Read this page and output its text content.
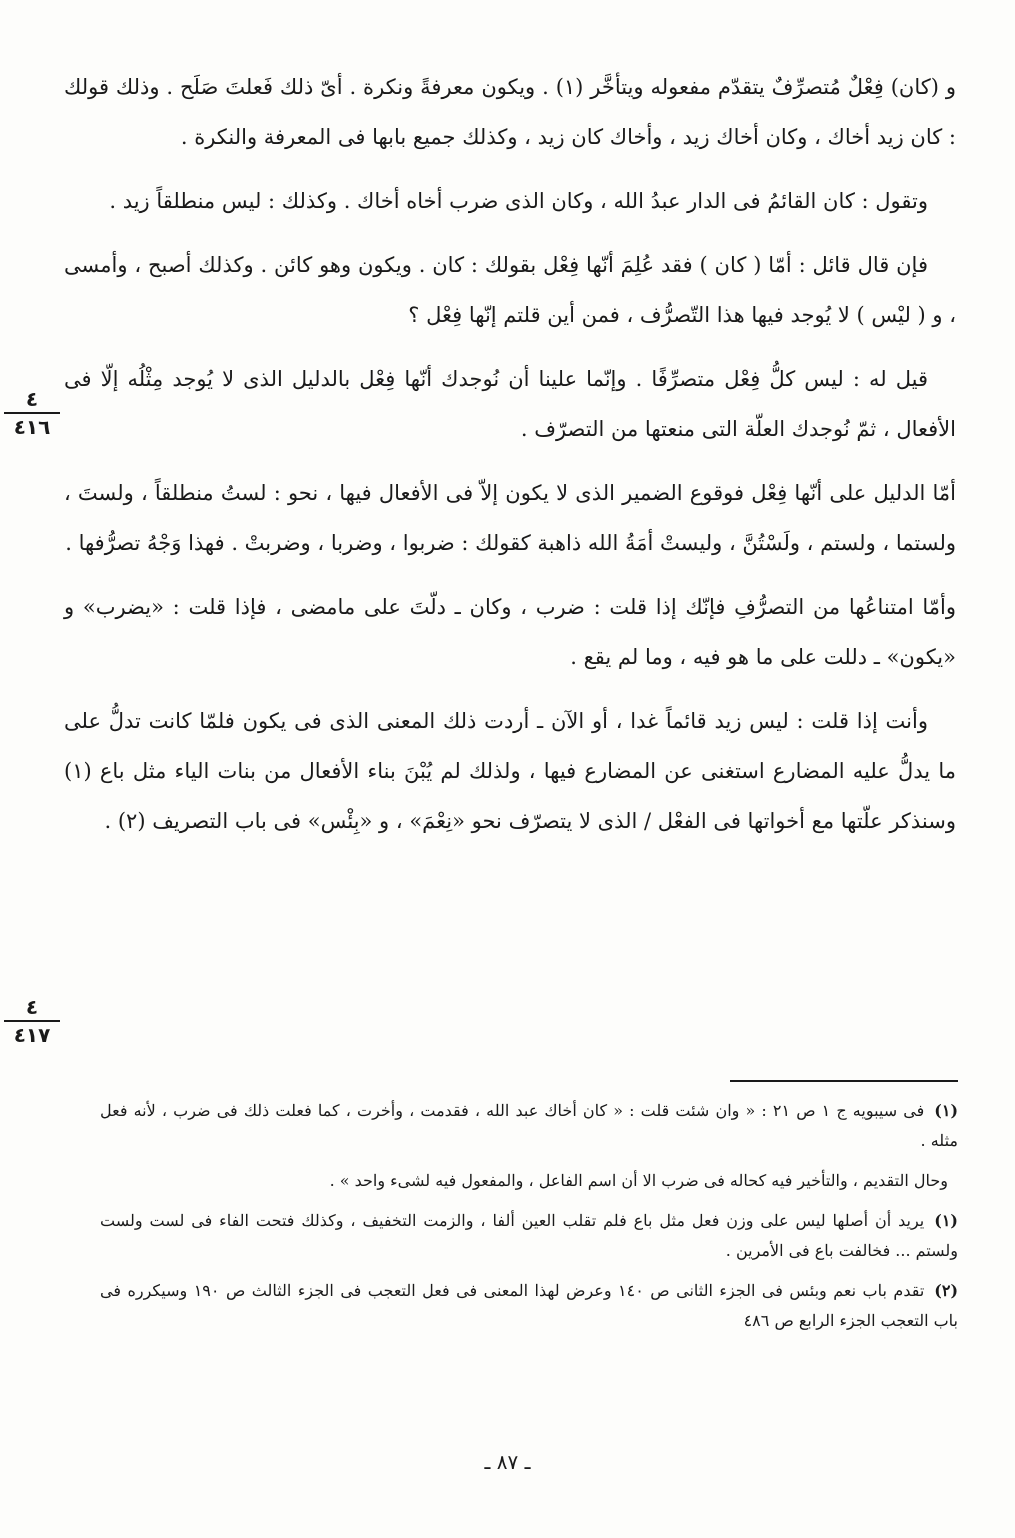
و (كان) فِعْلٌ مُتصرِّفٌ يتقدّم مفعوله ويتأخَّر (١) . ويكون معرفةً ونكرة . أىّ ذلك فَعلتَ صَلَح . وذلك قولك : كان زيد أخاك ، وكان أخاك زيد ، وأخاك كان زيد ، وكذلك جميع بابها فى المعرفة والنكرة .

وتقول : كان القائمُ فى الدار عبدُ الله ، وكان الذى ضرب أخاه أخاك . وكذلك : ليس منطلقاً زيد .

فإن قال قائل : أمّا ( كان ) فقد عُلِمَ أنّها فِعْل بقولك : كان . ويكون وهو كائن . وكذلك أصبح ، وأمسى ، و ( ليْس ) لا يُوجد فيها هذا التّصرُّف ، فمن أين قلتم إنّها فِعْل ؟

قيل له : ليس كلُّ فِعْل متصرِّفًا . وإنّما علينا أن نُوجدك أنّها فِعْل بالدليل الذى لا يُوجد مِثْلُه إلّا فى الأفعال ، ثمّ نُوجدك العلّة التى منعتها من التصرّف .

أمّا الدليل على أنّها فِعْل فوقوع الضمير الذى لا يكون إلاّ فى الأفعال فيها ، نحو : لستُ منطلقاً ، ولستَ ، ولستما ، ولستم ، ولَسْتُنَّ ، وليستْ أمَةُ الله ذاهبة كقولك : ضربوا ، وضربا ، وضربتْ . فهذا وَجْهُ تصرُّفها .

وأمّا امتناعُها من التصرُّفِ فإنّك إذا قلت : ضرب ، وكان ـ دلّتَ على مامضى ، فإذا قلت : «يضرب» و «يكون» ـ دللت على ما هو فيه ، وما لم يقع .

وأنت إذا قلت : ليس زيد قائماً غدا ، أو الآن ـ أردت ذلك المعنى الذى فى يكون فلمّا كانت تدلُّ على ما يدلُّ عليه المضارع استغنى عن المضارع فيها ، ولذلك لم يُبْنَ بناء الأفعال من بنات الياء مثل باع (١) وسنذكر علّتها مع أخواتها فى الفعْل / الذى لا يتصرّف نحو «نِعْمَ» ، و «بِئْس» فى باب التصريف (٢) .

٤
٤١٦
٤
٤١٧

(١)فى سيبويه ج ١ ص ٢١ : « وان شئت قلت : « كان أخاك عبد الله ، فقدمت ، وأخرت ، كما فعلت ذلك فى ضرب ، لأنه فعل مثله .

وحال التقديم ، والتأخير فيه كحاله فى ضرب الا أن اسم الفاعل ، والمفعول فيه لشىء واحد » .

(١)يريد أن أصلها ليس على وزن فعل مثل باع فلم تقلب العين ألفا ، والزمت التخفيف ، وكذلك فتحت الفاء فى لست ولست ولستم ... فخالفت باع فى الأمرين .

(٢)تقدم باب نعم وبئس فى الجزء الثانى ص ١٤٠ وعرض لهذا المعنى فى فعل التعجب فى الجزء الثالث ص ١٩٠ وسيكرره فى باب التعجب الجزء الرابع ص ٤٨٦

ـ ٨٧ ـ
